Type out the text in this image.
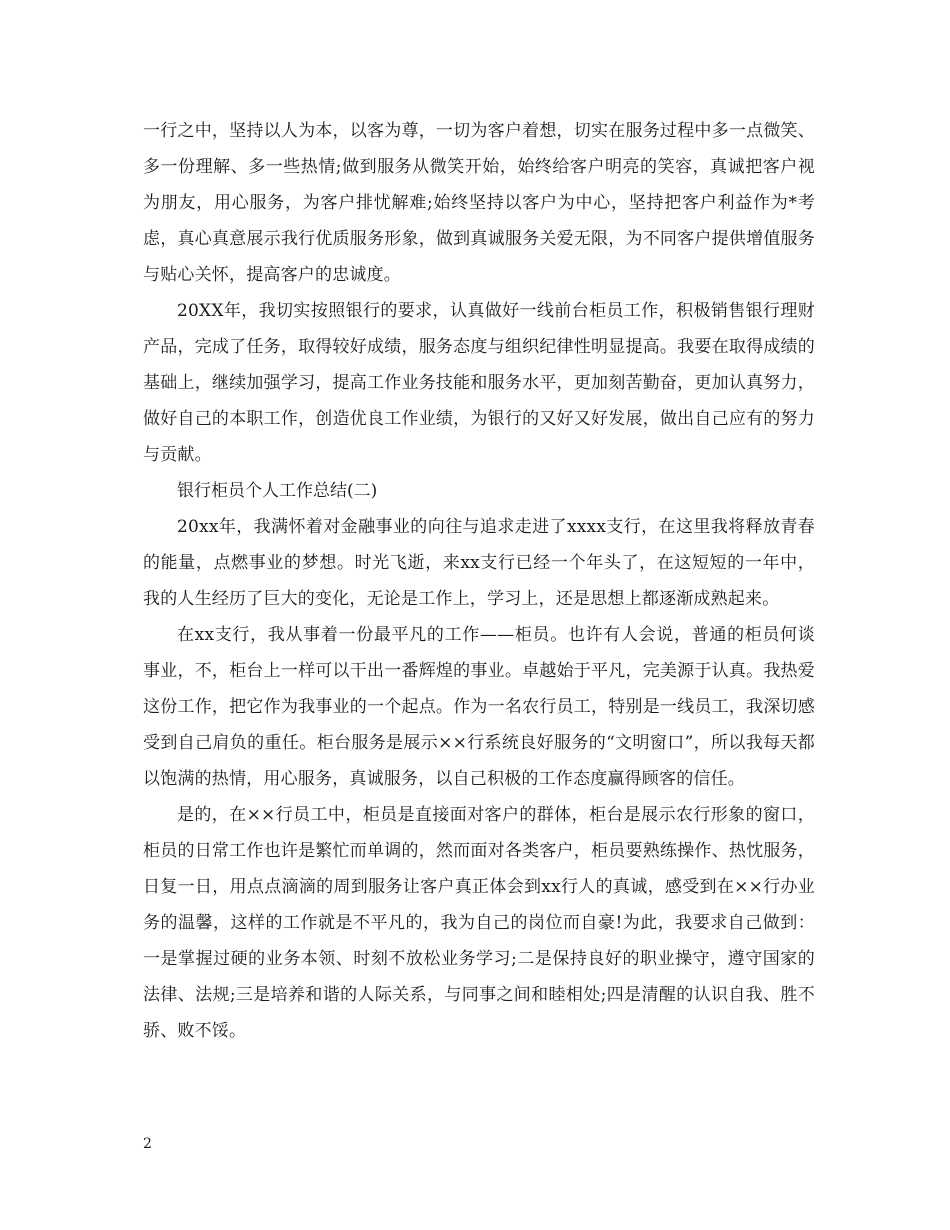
一行之中，坚持以人为本，以客为尊，一切为客户着想，切实在服务过程中多一点微笑、多一份理解、多一些热情;做到服务从微笑开始，始终给客户明亮的笑容，真诚把客户视为朋友，用心服务，为客户排忧解难;始终坚持以客户为中心，坚持把客户利益作为*考虑，真心真意展示我行优质服务形象，做到真诚服务关爱无限，为不同客户提供增值服务与贴心关怀，提高客户的忠诚度。

20XX年，我切实按照银行的要求，认真做好一线前台柜员工作，积极销售银行理财产品，完成了任务，取得较好成绩，服务态度与组织纪律性明显提高。我要在取得成绩的基础上，继续加强学习，提高工作业务技能和服务水平，更加刻苦勤奋，更加认真努力，做好自己的本职工作，创造优良工作业绩，为银行的又好又好发展，做出自己应有的努力与贡献。

银行柜员个人工作总结(二)

20xx年，我满怀着对金融事业的向往与追求走进了xxxx支行，在这里我将释放青春的能量，点燃事业的梦想。时光飞逝，来xx支行已经一个年头了，在这短短的一年中，我的人生经历了巨大的变化，无论是工作上，学习上，还是思想上都逐渐成熟起来。

在xx支行，我从事着一份最平凡的工作——柜员。也许有人会说，普通的柜员何谈事业，不，柜台上一样可以干出一番辉煌的事业。卓越始于平凡，完美源于认真。我热爱这份工作，把它作为我事业的一个起点。作为一名农行员工，特别是一线员工，我深切感受到自己肩负的重任。柜台服务是展示××行系统良好服务的“文明窗口”，所以我每天都以饱满的热情，用心服务，真诚服务，以自己积极的工作态度赢得顾客的信任。

是的，在××行员工中，柜员是直接面对客户的群体，柜台是展示农行形象的窗口，柜员的日常工作也许是繁忙而单调的，然而面对各类客户，柜员要熟练操作、热忱服务，日复一日，用点点滴滴的周到服务让客户真正体会到xx行人的真诚，感受到在××行办业务的温馨，这样的工作就是不平凡的，我为自己的岗位而自豪!为此，我要求自己做到：一是掌握过硬的业务本领、时刻不放松业务学习;二是保持良好的职业操守，遵守国家的法律、法规;三是培养和谐的人际关系，与同事之间和睦相处;四是清醒的认识自我、胜不骄、败不馁。

2
